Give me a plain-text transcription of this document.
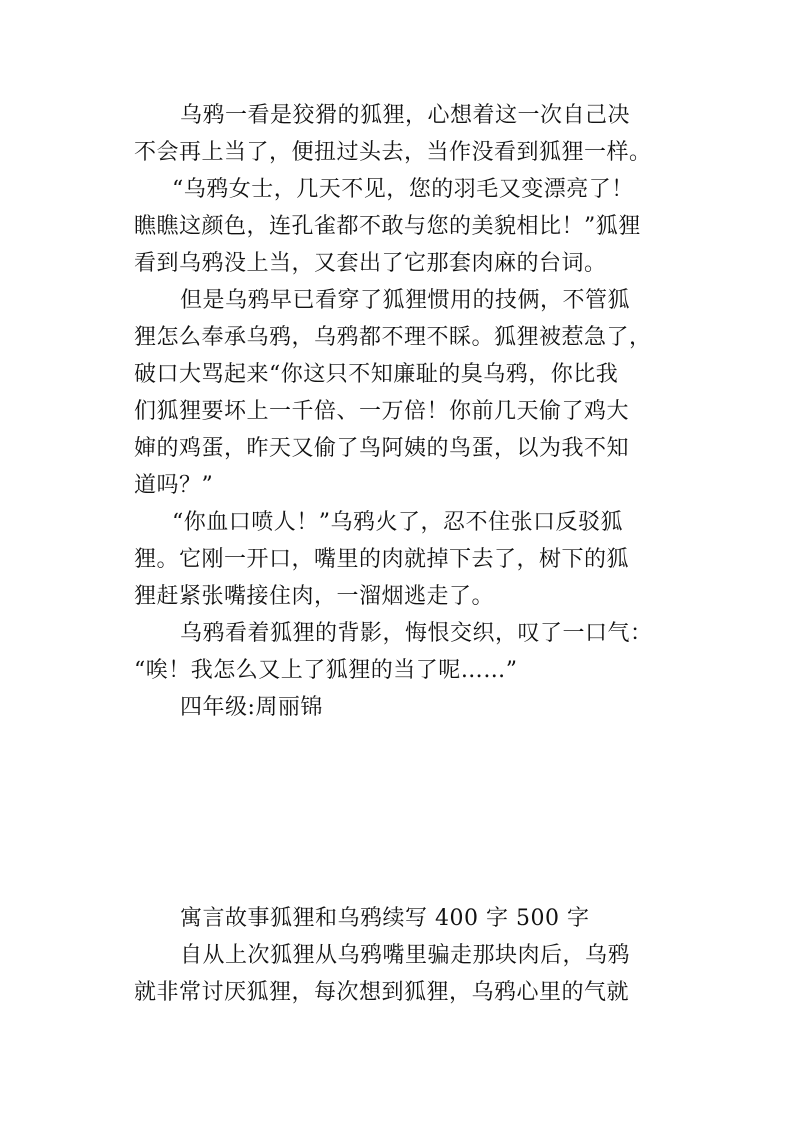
乌鸦一看是狡猾的狐狸，心想着这一次自己决
不会再上当了，便扭过头去，当作没看到狐狸一样。
“乌鸦女士，几天不见，您的羽毛又变漂亮了！
瞧瞧这颜色，连孔雀都不敢与您的美貌相比！”狐狸
看到乌鸦没上当，又套出了它那套肉麻的台词。
但是乌鸦早已看穿了狐狸惯用的技俩，不管狐
狸怎么奉承乌鸦，乌鸦都不理不睬。狐狸被惹急了，
破口大骂起来“你这只不知廉耻的臭乌鸦，你比我
们狐狸要坏上一千倍、一万倍！你前几天偷了鸡大
婶的鸡蛋，昨天又偷了鸟阿姨的鸟蛋，以为我不知
道吗？”
“你血口喷人！”乌鸦火了，忍不住张口反驳狐
狸。它刚一开口，嘴里的肉就掉下去了，树下的狐
狸赶紧张嘴接住肉，一溜烟逃走了。
乌鸦看着狐狸的背影，悔恨交织，叹了一口气：
“唉！我怎么又上了狐狸的当了呢……”
四年级:周丽锦
寓言故事狐狸和乌鸦续写 400 字 500 字
自从上次狐狸从乌鸦嘴里骗走那块肉后，乌鸦
就非常讨厌狐狸，每次想到狐狸，乌鸦心里的气就
